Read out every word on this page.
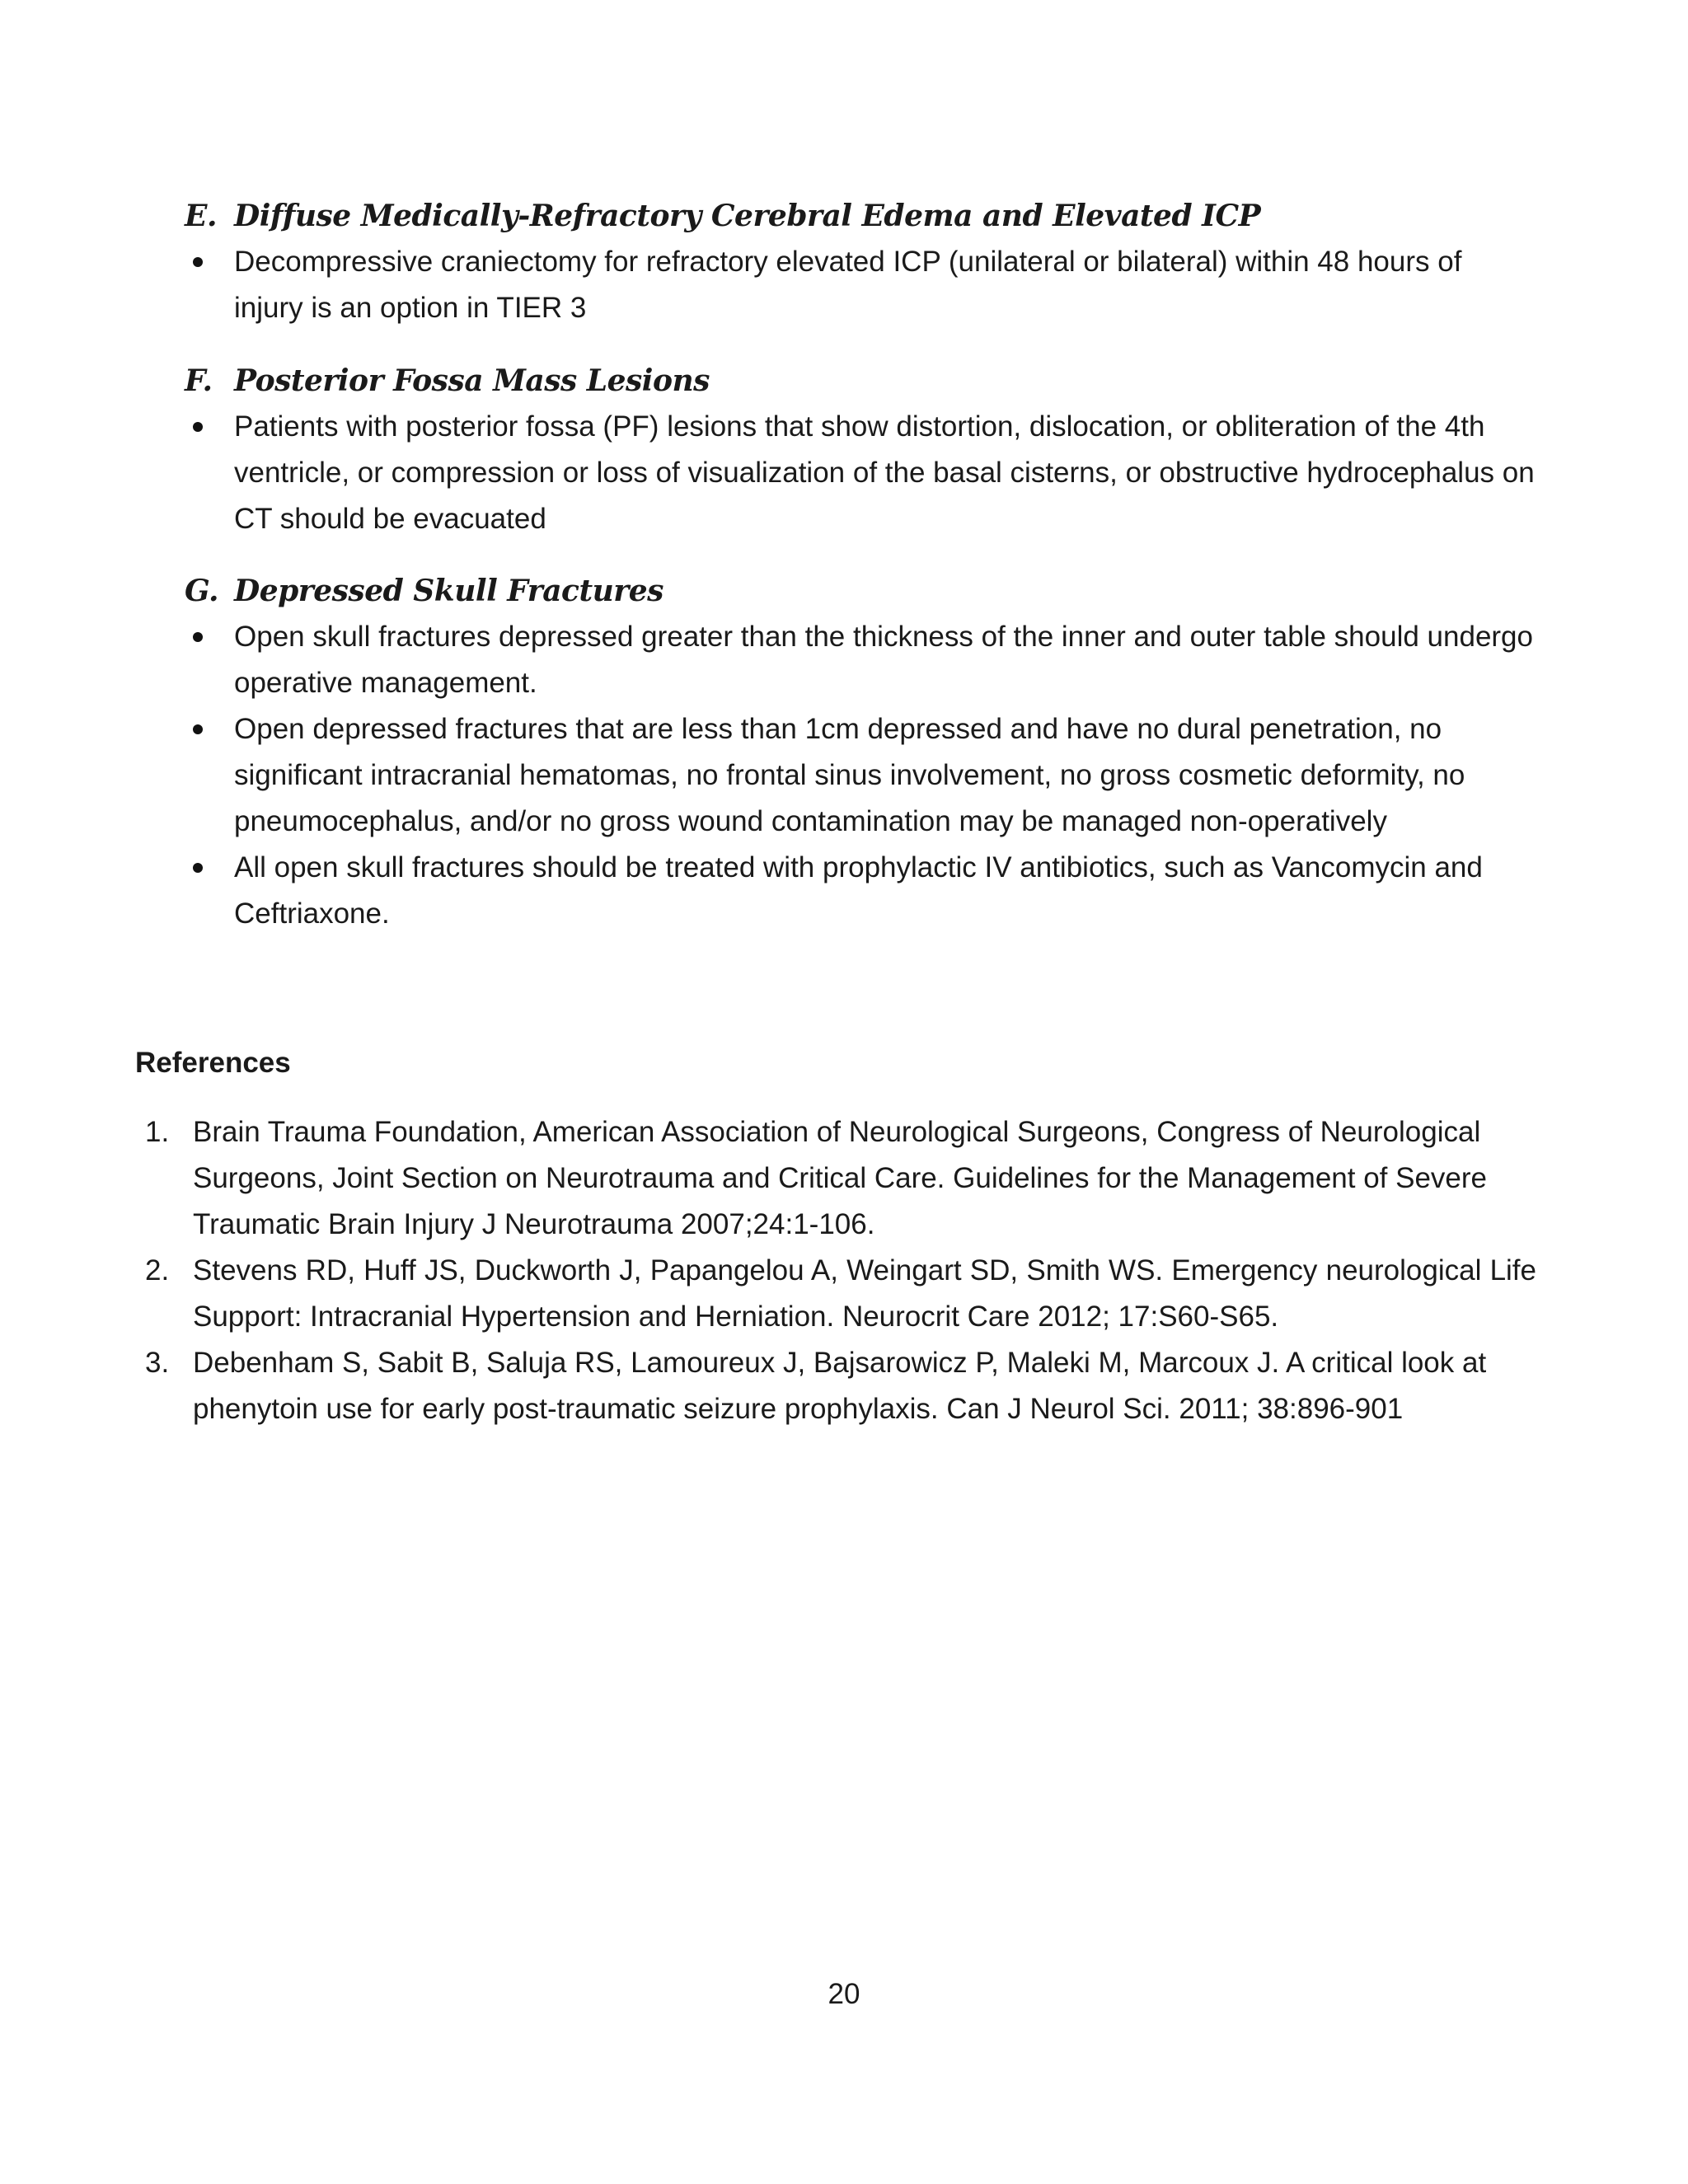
E. Diffuse Medically-Refractory Cerebral Edema and Elevated ICP
Decompressive craniectomy for refractory elevated ICP (unilateral or bilateral) within 48 hours of injury is an option in TIER 3
F. Posterior Fossa Mass Lesions
Patients with posterior fossa (PF) lesions that show distortion, dislocation, or obliteration of the 4th ventricle, or compression or loss of visualization of the basal cisterns, or obstructive hydrocephalus on CT should be evacuated
G. Depressed Skull Fractures
Open skull fractures depressed greater than the thickness of the inner and outer table should undergo operative management.
Open depressed fractures that are less than 1cm depressed and have no dural penetration, no significant intracranial hematomas, no frontal sinus involvement, no gross cosmetic deformity, no pneumocephalus, and/or no gross wound contamination may be managed non-operatively
All open skull fractures should be treated with prophylactic IV antibiotics, such as Vancomycin and Ceftriaxone.
References
1. Brain Trauma Foundation, American Association of Neurological Surgeons, Congress of Neurological Surgeons, Joint Section on Neurotrauma and Critical Care. Guidelines for the Management of Severe Traumatic Brain Injury J Neurotrauma 2007;24:1-106.
2. Stevens RD, Huff JS, Duckworth J, Papangelou A, Weingart SD, Smith WS. Emergency neurological Life Support: Intracranial Hypertension and Herniation. Neurocrit Care 2012; 17:S60-S65.
3. Debenham S, Sabit B, Saluja RS, Lamoureux J, Bajsarowicz P, Maleki M, Marcoux J. A critical look at phenytoin use for early post-traumatic seizure prophylaxis. Can J Neurol Sci. 2011; 38:896-901
20
